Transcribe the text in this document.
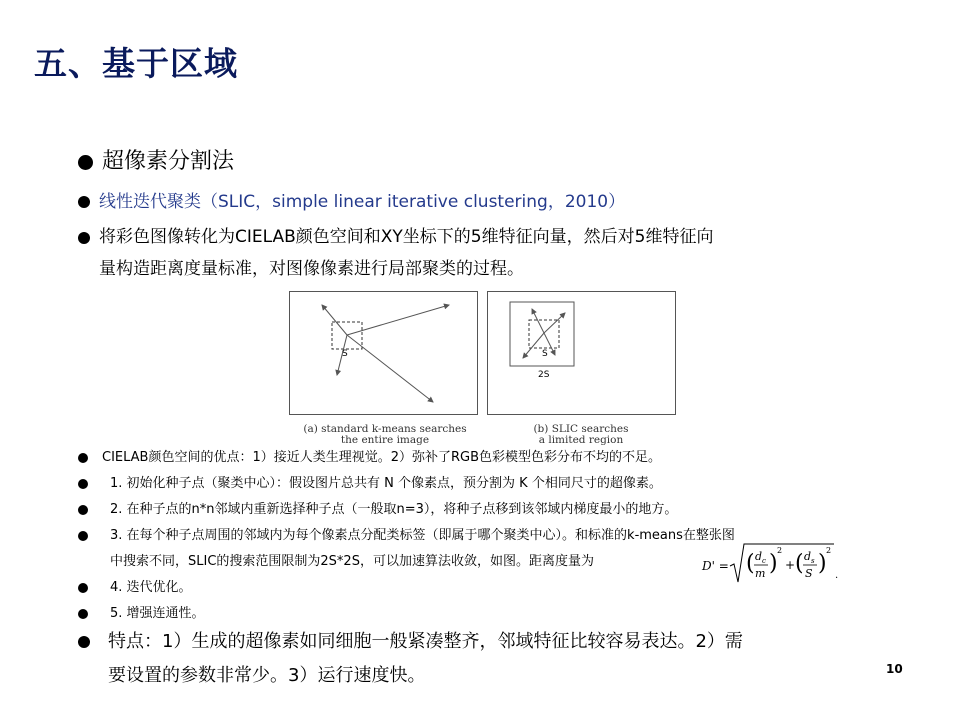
五、基于区域
超像素分割法
线性迭代聚类（SLIC，simple linear iterative clustering，2010）
将彩色图像转化为CIELAB颜色空间和XY坐标下的5维特征向量，然后对5维特征向
量构造距离度量标准，对图像像素进行局部聚类的过程。
S	S
2S
(a) standard k-means searches
the entire image
(b) SLIC searches
a limited region
CIELAB颜色空间的优点：1）接近人类生理视觉。2）弥补了RGB色彩模型色彩分布不均的不足。
1. 初始化种子点（聚类中心）：假设图片总共有 N 个像素点，预分割为 K 个相同尺寸的超像素。
2. 在种子点的n*n邻域内重新选择种子点（一般取n=3），将种子点移到该邻域内梯度最小的地方。
3. 在每个种子点周围的邻域内为每个像素点分配类标签（即属于哪个聚类中心）。和标准的k-means在整张图
中搜索不同，SLIC的搜索范围限制为2S*2S，可以加速算法收敛，如图。距离度量为	D' = ( d c
m )
2
+ ( d s
S )
2
.
4. 迭代优化。
5. 增强连通性。
特点：1）生成的超像素如同细胞一般紧凑整齐，邻域特征比较容易表达。2）需
要设置的参数非常少。3）运行速度快。	10
